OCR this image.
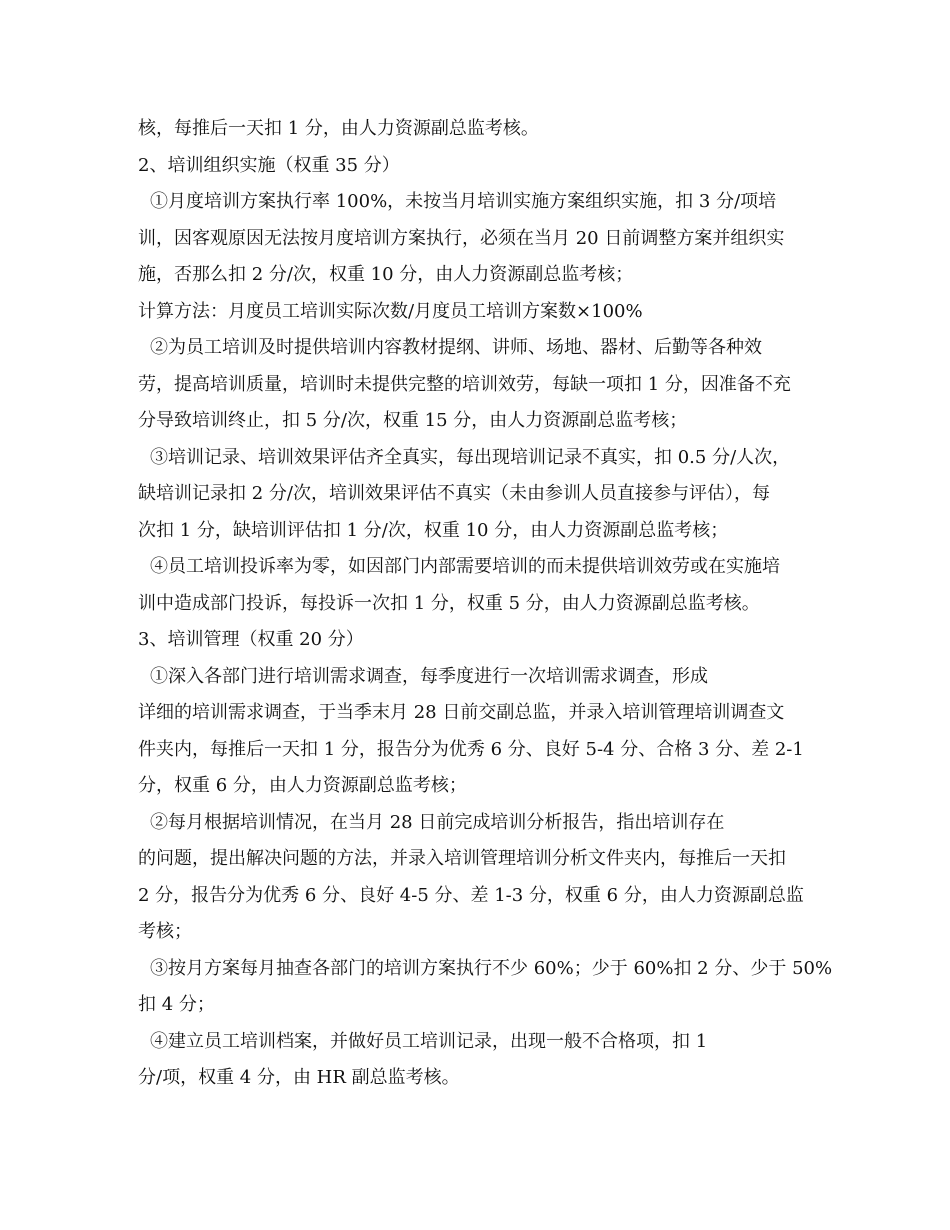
核，每推后一天扣 1 分，由人力资源副总监考核。
2、培训组织实施（权重 35 分）
①月度培训方案执行率 100%，未按当月培训实施方案组织实施，扣 3 分/项培
训，因客观原因无法按月度培训方案执行，必须在当月 20 日前调整方案并组织实
施，否那么扣 2 分/次，权重 10 分，由人力资源副总监考核；
计算方法：月度员工培训实际次数/月度员工培训方案数×100%
②为员工培训及时提供培训内容教材提纲、讲师、场地、器材、后勤等各种效
劳，提高培训质量，培训时未提供完整的培训效劳，每缺一项扣 1 分，因准备不充
分导致培训终止，扣 5 分/次，权重 15 分，由人力资源副总监考核；
③培训记录、培训效果评估齐全真实，每出现培训记录不真实，扣 0.5 分/人次，
缺培训记录扣 2 分/次，培训效果评估不真实（未由参训人员直接参与评估），每
次扣 1 分，缺培训评估扣 1 分/次，权重 10 分，由人力资源副总监考核；
④员工培训投诉率为零，如因部门内部需要培训的而未提供培训效劳或在实施培
训中造成部门投诉，每投诉一次扣 1 分，权重 5 分，由人力资源副总监考核。
3、培训管理（权重 20 分）
①深入各部门进行培训需求调查，每季度进行一次培训需求调查，形成
详细的培训需求调查，于当季末月 28 日前交副总监，并录入培训管理培训调查文
件夹内，每推后一天扣 1 分，报告分为优秀 6 分、良好 5-4 分、合格 3 分、差 2-1
分，权重 6 分，由人力资源副总监考核；
②每月根据培训情况，在当月 28 日前完成培训分析报告，指出培训存在
的问题，提出解决问题的方法，并录入培训管理培训分析文件夹内，每推后一天扣
2 分，报告分为优秀 6 分、良好 4-5 分、差 1-3 分，权重 6 分，由人力资源副总监
考核；
③按月方案每月抽查各部门的培训方案执行不少 60%；少于 60%扣 2 分、少于 50%
扣 4 分；
④建立员工培训档案，并做好员工培训记录，出现一般不合格项，扣 1
分/项，权重 4 分，由 HR 副总监考核。
